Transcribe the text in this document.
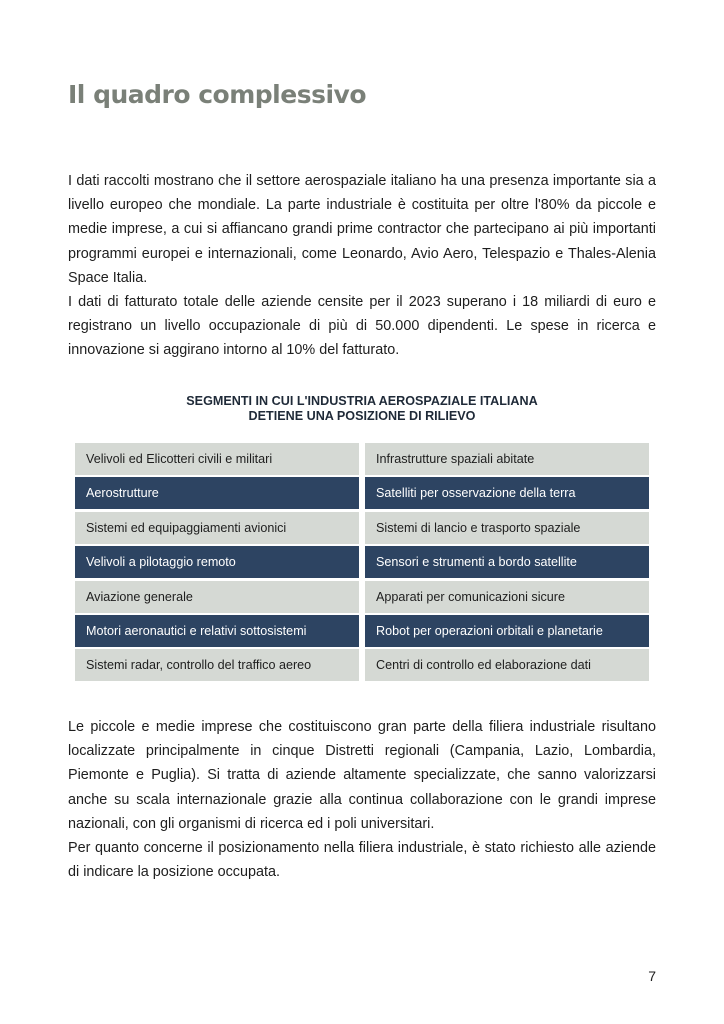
Il quadro complessivo

I dati raccolti mostrano che il settore aerospaziale italiano ha una presenza importante sia a livello europeo che mondiale. La parte industriale è costituita per oltre l'80% da piccole e medie imprese, a cui si affiancano grandi prime contractor che partecipano ai più importanti programmi europei e internazionali, come Leonardo, Avio Aero, Telespazio e Thales-Alenia Space Italia.

I dati di fatturato totale delle aziende censite per il 2023 superano i 18 miliardi di euro e registrano un livello occupazionale di più di 50.000 dipendenti. Le spese in ricerca e innovazione si aggirano intorno al 10% del fatturato.

SEGMENTI IN CUI L'INDUSTRIA AEROSPAZIALE ITALIANA
DETIENE UNA POSIZIONE DI RILIEVO
Velivoli ed Elicotteri civili e militari	Infrastrutture spaziali abitate
Aerostrutture	Satelliti per osservazione della terra
Sistemi ed equipaggiamenti avionici	Sistemi di lancio e trasporto spaziale
Velivoli a pilotaggio remoto	Sensori e strumenti a bordo satellite
Aviazione generale	Apparati per comunicazioni sicure
Motori aeronautici e relativi sottosistemi	Robot per operazioni orbitali e planetarie
Sistemi radar, controllo del traffico aereo	Centri di controllo ed elaborazione dati

Le piccole e medie imprese che costituiscono gran parte della filiera industriale risultano localizzate principalmente in cinque Distretti regionali (Campania, Lazio, Lombardia, Piemonte e Puglia). Si tratta di aziende altamente specializzate, che sanno valorizzarsi anche su scala internazionale grazie alla continua collaborazione con le grandi imprese nazionali, con gli organismi di ricerca ed i poli universitari.

Per quanto concerne il posizionamento nella filiera industriale, è stato richiesto alle aziende di indicare la posizione occupata.

7
